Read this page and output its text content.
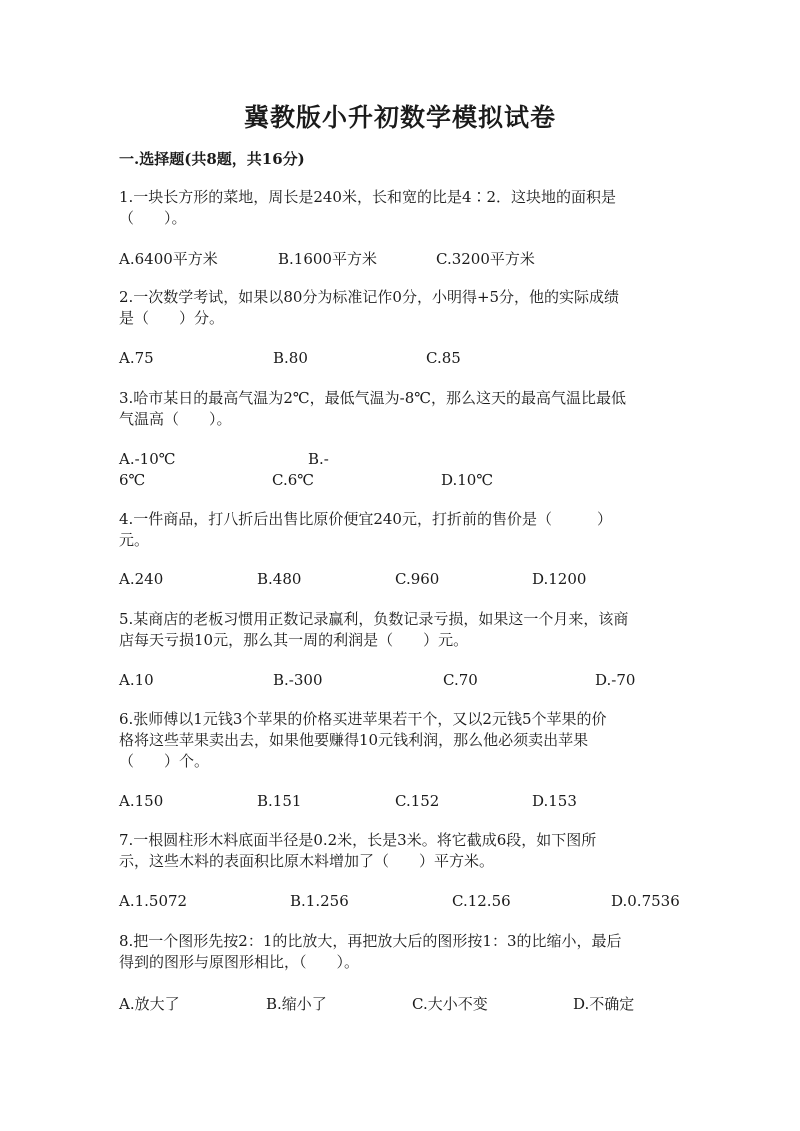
冀教版小升初数学模拟试卷
一.选择题(共8题，共16分)
1.一块长方形的菜地，周长是240米，长和宽的比是4∶2．这块地的面积是
（　　）。
A.6400平方米	B.1600平方米	C.3200平方米
2.一次数学考试，如果以80分为标准记作0分，小明得+5分，他的实际成绩
是（　　）分。
A.75	B.80	C.85
3.哈市某日的最高气温为2℃，最低气温为-8℃，那么这天的最高气温比最低
气温高（　　）。
A.-10℃	B.-
6℃	C.6℃	D.10℃
4.一件商品，打八折后出售比原价便宜240元，打折前的售价是（　　　）
元。
A.240	B.480	C.960	D.1200
5.某商店的老板习惯用正数记录赢利，负数记录亏损，如果这一个月来，该商
店每天亏损10元，那么其一周的利润是（　　）元。
A.10	B.-300	C.70	D.-70
6.张师傅以1元钱3个苹果的价格买进苹果若干个，又以2元钱5个苹果的价
格将这些苹果卖出去，如果他要赚得10元钱利润，那么他必须卖出苹果
（　　）个。
A.150	B.151	C.152	D.153
7.一根圆柱形木料底面半径是0.2米，长是3米。将它截成6段，如下图所
示，这些木料的表面积比原木料增加了（　　）平方米。
A.1.5072	B.1.256	C.12.56	D.0.7536
8.把一个图形先按2：1的比放大，再把放大后的图形按1：3的比缩小，最后
得到的图形与原图形相比，（　　）。
A.放大了	B.缩小了	C.大小不变	D.不确定
